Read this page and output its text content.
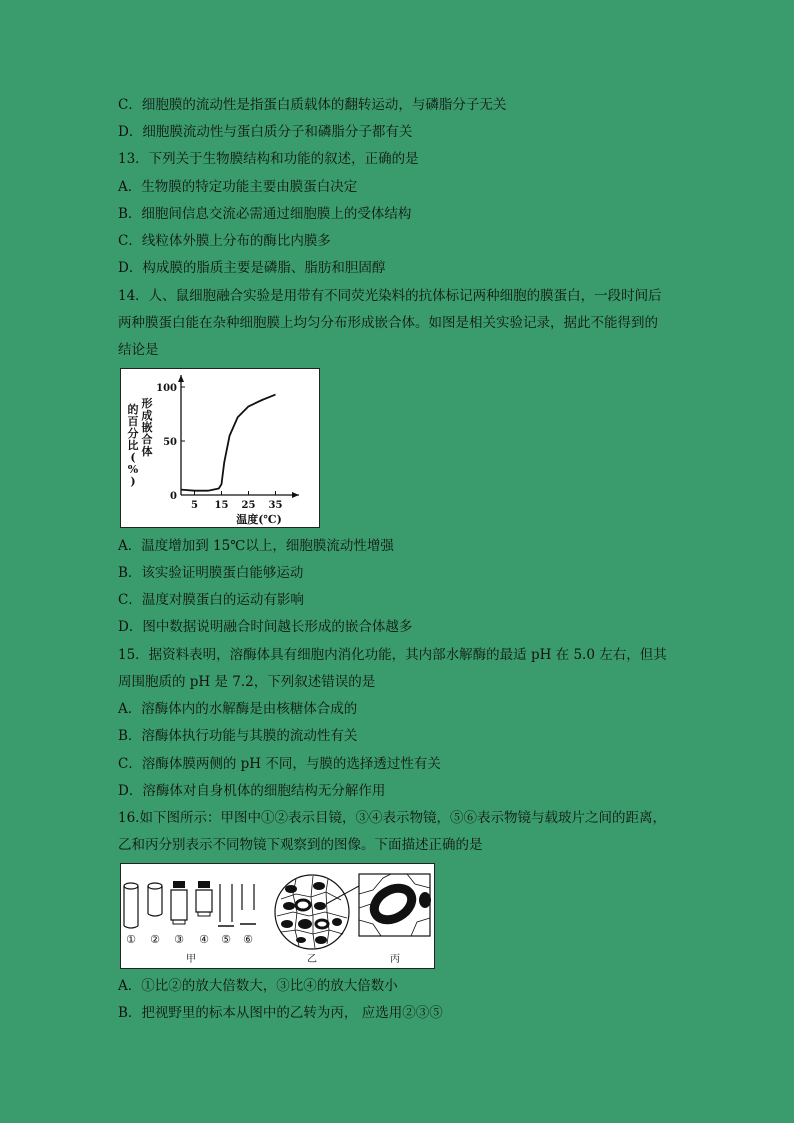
C．细胞膜的流动性是指蛋白质载体的翻转运动，与磷脂分子无关
D．细胞膜流动性与蛋白质分子和磷脂分子都有关
13．下列关于生物膜结构和功能的叙述，正确的是
A．生物膜的特定功能主要由膜蛋白决定
B．细胞间信息交流必需通过细胞膜上的受体结构
C．线粒体外膜上分布的酶比内膜多
D．构成膜的脂质主要是磷脂、脂肪和胆固醇
14．人、鼠细胞融合实验是用带有不同荧光染料的抗体标记两种细胞的膜蛋白，一段时间后
两种膜蛋白能在杂种细胞膜上均匀分布形成嵌合体。如图是相关实验记录，据此不能得到的
结论是
0
50
100
5 15 25 35
温度(℃)
形
成
嵌
合
体
的
百
分
比
(
%
)
A．温度增加到 15℃以上，细胞膜流动性增强
B．该实验证明膜蛋白能够运动
C．温度对膜蛋白的运动有影响
D．图中数据说明融合时间越长形成的嵌合体越多
15．据资料表明，溶酶体具有细胞内消化功能，其内部水解酶的最适 pH 在 5.0 左右，但其
周围胞质的 pH 是 7.2，下列叙述错误的是
A．溶酶体内的水解酶是由核糖体合成的
B．溶酶体执行功能与其膜的流动性有关
C．溶酶体膜两侧的 pH 不同，与膜的选择透过性有关
D．溶酶体对自身机体的细胞结构无分解作用
16.如下图所示：甲图中①②表示目镜，③④表示物镜，⑤⑥表示物镜与载玻片之间的距离，
乙和丙分别表示不同物镜下观察到的图像。下面描述正确的是
① ② ③ ④ ⑤ ⑥
甲	乙	丙
A．①比②的放大倍数大，③比④的放大倍数小
B．把视野里的标本从图中的乙转为丙， 应选用②③⑤
